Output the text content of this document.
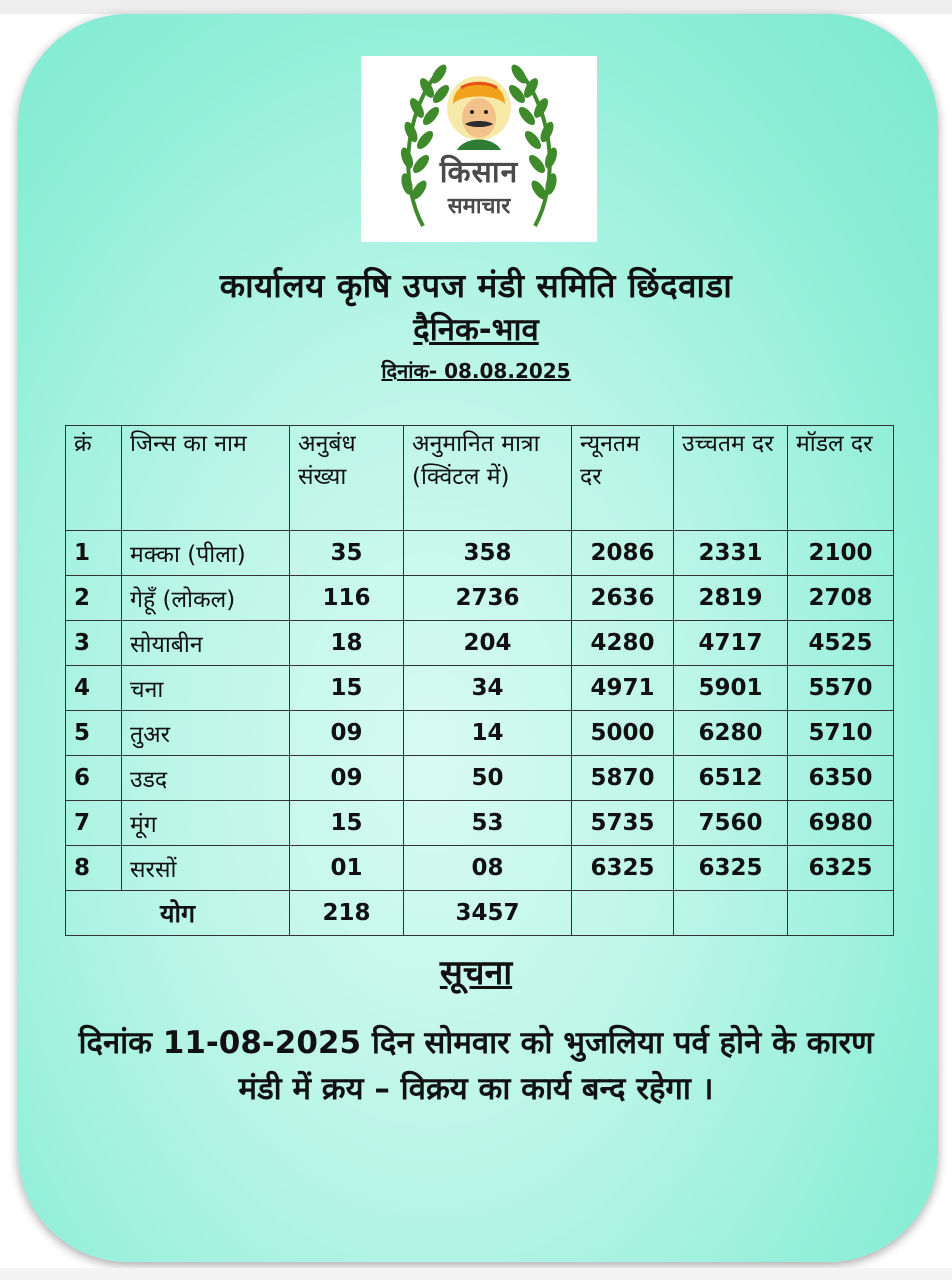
किसान
समाचार
कार्यालय कृषि उपज मंडी समिति छिंदवाडा
दैनिक-भाव
दिनांक- 08.08.2025
क्रं	जिन्स का नाम	अनुबंध संख्या	अनुमानित मात्रा (क्विंटल में)	न्यूनतम दर	उच्चतम दर	मॉडल दर
1	मक्का (पीला)	35	358	2086	2331	2100
2	गेहूँ (लोकल)	116	2736	2636	2819	2708
3	सोयाबीन	18	204	4280	4717	4525
4	चना	15	34	4971	5901	5570
5	तुअर	09	14	5000	6280	5710
6	उडद	09	50	5870	6512	6350
7	मूंग	15	53	5735	7560	6980
8	सरसों	01	08	6325	6325	6325
योग		218	3457			
सूचना
दिनांक 11-08-2025 दिन सोमवार को भुजलिया पर्व होने के कारण मंडी में क्रय – विक्रय का कार्य बन्द रहेगा ।
